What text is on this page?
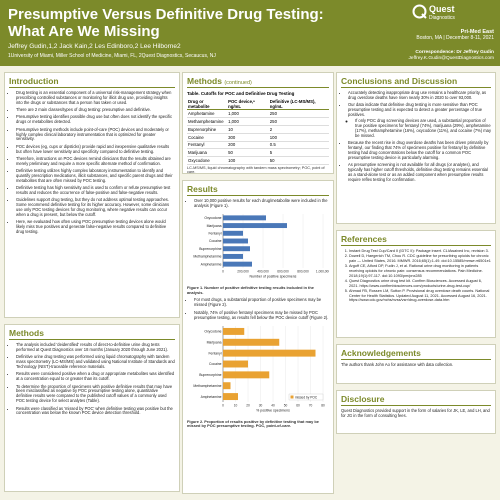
Presumptive Versus Definitive Drug Testing: What Are We Missing
Jeffrey Gudin,1,2 Jack Kain,2 Les Edinboro,2 Lee Hilborne2
1University of Miami, Miller School of Medicine, Miami, FL, 2Quest Diagnostics, Secaucus, NJ
Quest
Diagnostics
Pri-Med East
Boston, MA | December 8-11, 2021
Correspondence: Dr Jeffrey Gudin
Jeffrey.K.Gudin@QuestDiagnostics.com
Introduction
• Drug testing is an essential component of a universal risk-management strategy when prescribing controlled substances or monitoring for illicit drug use, providing insights into the drugs or substances that a person has taken or used.
• There are 2 main classes/types of drug testing: presumptive and definitive.
• Presumptive testing identifies possible drug use but often does not identify the specific drugs or metabolites detected.
• Presumptive testing methods include point-of-care (POC) devices and moderately or highly complex clinical laboratory instrumentation that is optimized for greater sensitivity.
• POC devices (eg, cups or dipsticks) provide rapid and inexpensive qualitative results but often have lower sensitivity and specificity compared to definitive testing.
• Therefore, instructions on POC devices remind clinicians that the results obtained are merely preliminary and require a more specific alternate method of confirmation.
• Definitive testing utilizes highly complex laboratory instrumentation to identify and quantify prescription medications, illicit substances, and specific parent drugs and their metabolites that are often missed by POC testing.
• Definitive testing has high sensitivity and is used to confirm or refute presumptive test results and reduces the occurrence of false-positive and false-negative results.
• Guidelines support drug testing, but they do not address optimal testing approaches. Some recommend definitive testing for its higher accuracy. However, some clinicians use only POC testing devices for drug monitoring, where negative results can occur when a drug is present, but below the cutoff.
• Here, we evaluated how often using POC presumptive testing devices alone would likely miss true positives and generate false-negative results compared to definitive drug testing.
Methods
• The analysis included 'deidentified' results of direct-to-definitive urine drug tests performed at Quest Diagnostics over 18 months (January 2020 through June 2021).
• Definitive urine drug testing was performed using liquid chromatography with tandem mass spectrometry (LC-MS/MS) and validated using National Institute of Standards and Technology (NIST)-traceable reference materials.
• Results were considered positive when a drug or appropriate metabolites was identified at a concentration equal to or greater than its cutoff.
• To determine the proportion of specimens with positive definitive results that may have been misclassified as negative by POC presumptive testing alone, quantitative definitive results were compared to the published cutoff values of a commonly used POC testing device for select analytes (Table).
• Results were classified as 'missed by POC' when definitive testing was positive but the concentration was below the known POC device detection threshold.
Methods (continued)
Table. Cutoffs for POC and Definitive Drug Testing
Drug or metabolite	POC device,ᵃ ng/mL	Definitive (LC-MS/MS), ng/mL
Amphetamine	1,000	250
Methamphetamine	1,000	250
Buprenorphine	10	2
Cocaine	300	100
Fentanyl	200	0.5
Marijuana	50	5
Oxycodone	100	50
LC-MS/MS, liquid chromatography with tandem mass spectrometry; POC, point of care.
Results
• Over 10,000 positive results for each drug/metabolite were included in the analysis (Figure 1).
0	200,000	400,000	600,000	800,000 1,000,000
Oxycodone
Marijuana
Fentanyl
Cocaine
Buprenorphine
Methamphetamine
Amphetamine
Number of positive specimens
Figure 1. Number of positive definitive testing results included in the analysis.
• For most drugs, a substantial proportion of positive specimens may be missed (Figure 2).
• Notably, 74% of positive fentanyl specimens may be missed by POC presumptive testing, as results fell below the POC device cutoff (Figure 2).
0	10	20	30	40	50	60	70	80
Oxycodone
Marijuana
Fentanyl
Cocaine
Buprenorphine
Methamphetamine
Amphetamine
% positive specimens
missed by POC
Figure 2. Proportion of results positive by definitive testing that may be missed by POC presumptive testing. POC, point-of-care.
Conclusions and Discussion
• Accurately detecting inappropriate drug use remains a healthcare priority, as drug overdose deaths have risen nearly 30% in 2020 to over 93,000.
• Our data indicate that definitive drug testing is more sensitive than POC presumptive testing and is expected to detect a greater percentage of true positives.
◦ If only POC drug screening devices are used, a substantial proportion of true positive specimens for fentanyl (74%), marijuana (29%), amphetamine (17%), methamphetamine (16%), oxycodone (11%), and cocaine (7%) may be missed.
• Because the recent rise in drug overdose deaths has been driven primarily by fentanyl, our finding that 74% of specimens positive for fentanyl by definitive testing had drug concentrations below the cutoff for a common POC presumptive testing device is particularly alarming.
• As presumptive screening is not available for all drugs (or analytes), and typically has higher cutoff thresholds, definitive drug testing remains essential as a stand-alone test or as an added component when presumptive results require reflex testing for confirmation.
References
1. Instant Drug Test Cup/Card II (IDTC II): Package insert. CLIAwaived Inc, revision 3.
2. Dowell D, Haegerich TM, Chou R. CDC guideline for prescribing opioids for chronic pain — United States, 2016. MMWR. 2016;65(1):1-49. doi:10.15585/mmwr.rr6501e1
3. Argoff CE, Alford DP, Fudin J, et al. Rational urine drug monitoring in patients receiving opioids for chronic pain: consensus recommendations. Pain Medicine. 2018;19(1):97-117. doi:10.1093/pm/pnx285
4. Quest Diagnostics urine drug test kit. Confirm Biosciences. Accessed August 6, 2021. https://www.confirmbiosciences.com/products/urine-drug-test-cup/
5. Ahmad FB, Rossen LM, Sutton P. Provisional drug overdose death counts. National Center for Health Statistics. Updated August 11, 2021. Accessed August 16, 2021. https://www.cdc.gov/nchs/nvss/vsrr/drug-overdose-data.htm
Acknowledgements

The authors thank John Ao for assistance with data collection.

Disclosure

Quest Diagnostics provided support in the form of salaries for JK, LE, and LH, and for JG in the form of consulting fees.
